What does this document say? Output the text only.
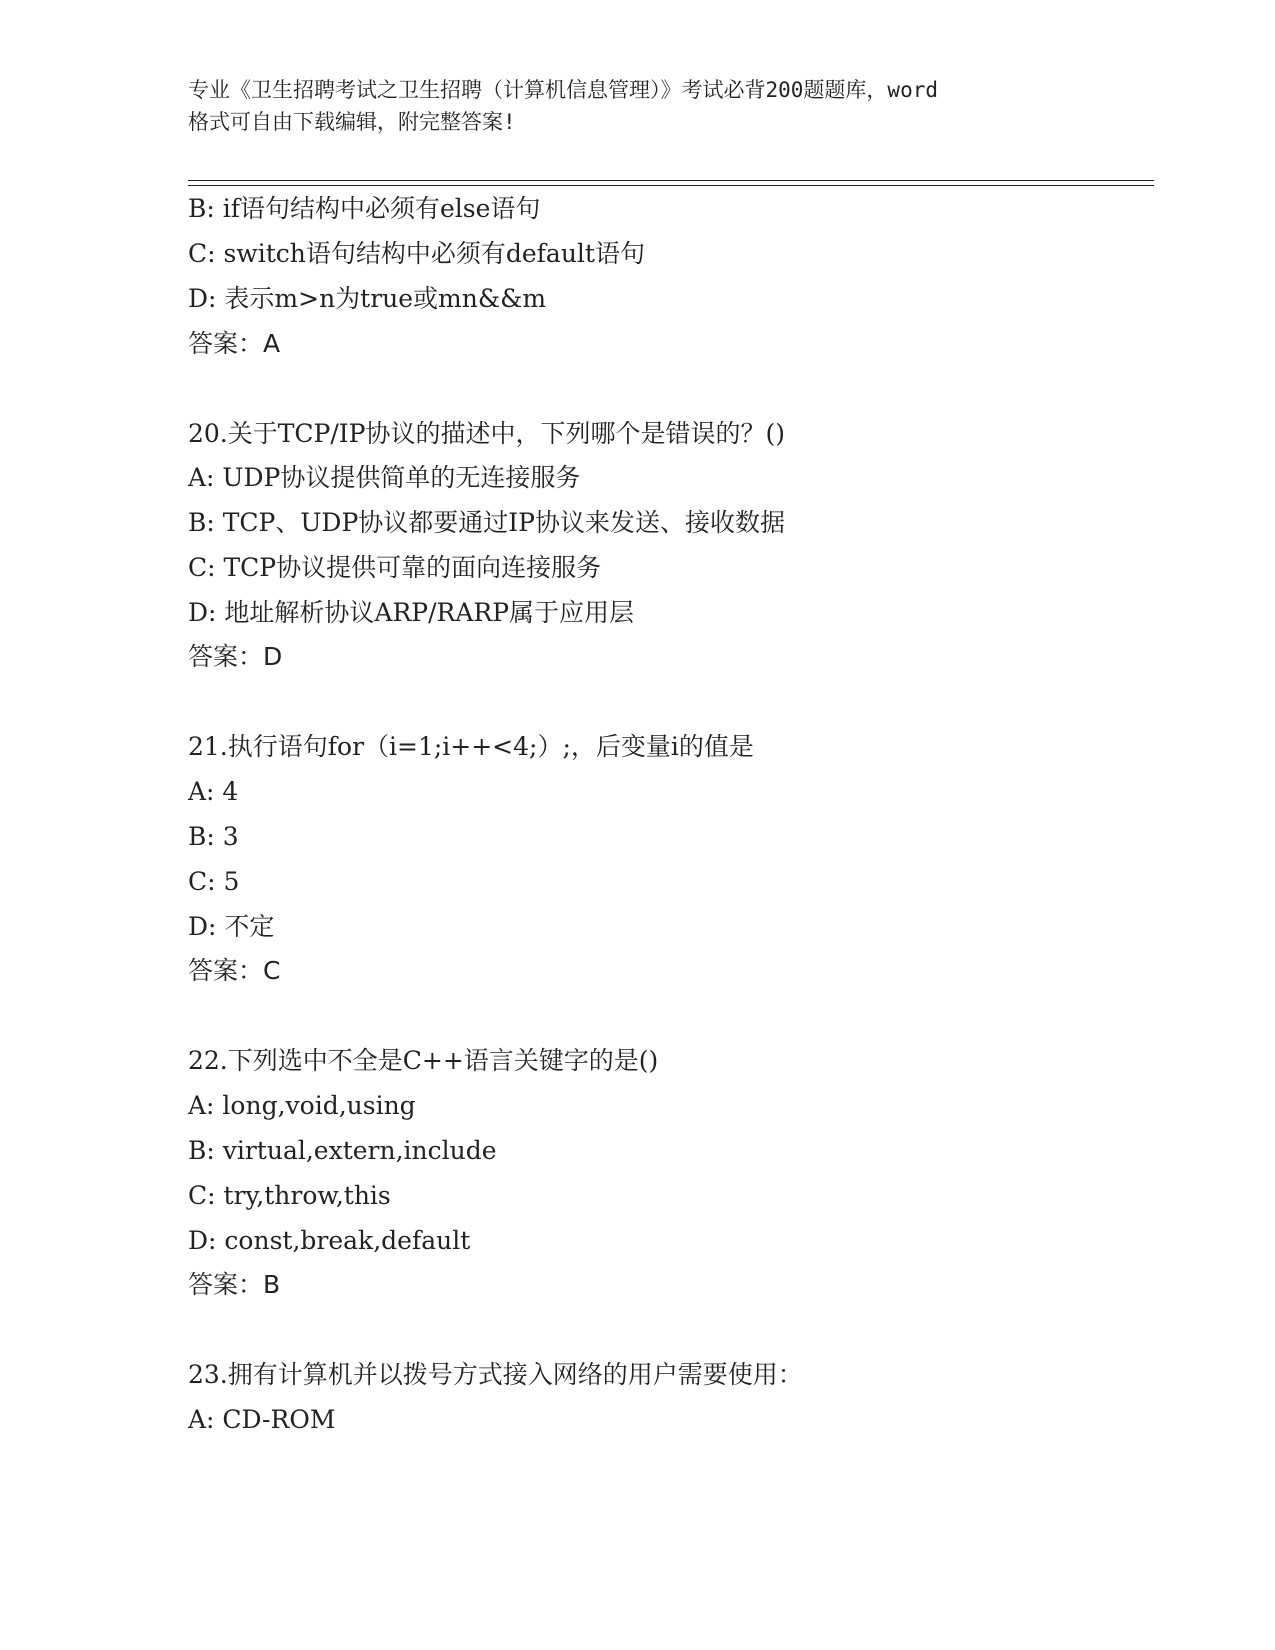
专业《卫生招聘考试之卫生招聘（计算机信息管理）》考试必背200题题库，word
格式可自由下载编辑，附完整答案!
B: if语句结构中必须有else语句
C: switch语句结构中必须有default语句
D: 表示m>n为true或mn&&m
答案：A
20.关于TCP/IP协议的描述中，下列哪个是错误的？()
A: UDP协议提供简单的无连接服务
B: TCP、UDP协议都要通过IP协议来发送、接收数据
C: TCP协议提供可靠的面向连接服务
D: 地址解析协议ARP/RARP属于应用层
答案：D
21.执行语句for（i=1;i++<4;）;，后变量i的值是
A: 4
B: 3
C: 5
D: 不定
答案：C
22.下列选中不全是C++语言关键字的是()
A: long,void,using
B: virtual,extern,include
C: try,throw,this
D: const,break,default
答案：B
23.拥有计算机并以拨号方式接入网络的用户需要使用：
A: CD-ROM
